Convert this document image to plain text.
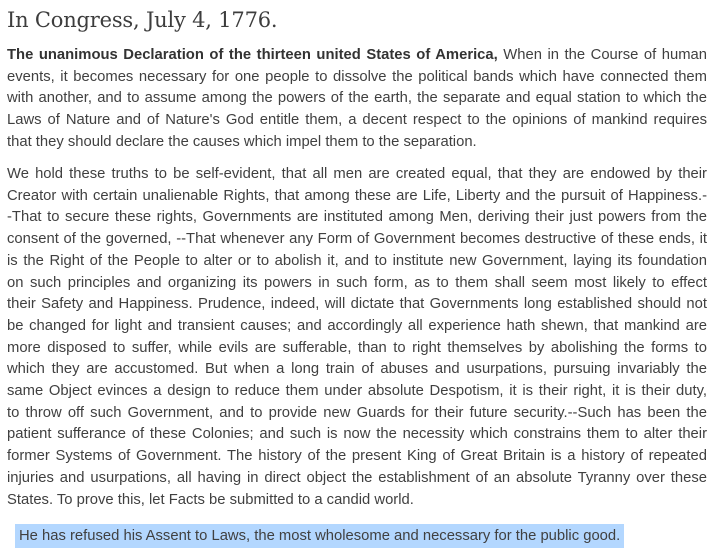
In Congress, July 4, 1776.
The unanimous Declaration of the thirteen united States of America, When in the Course of human
events, it becomes necessary for one people to dissolve the political bands which have connected them
with another, and to assume among the powers of the earth, the separate and equal station to which the
Laws of Nature and of Nature's God entitle them, a decent respect to the opinions of mankind requires
that they should declare the causes which impel them to the separation.
We hold these truths to be self-evident, that all men are created equal, that they are endowed by their
Creator with certain unalienable Rights, that among these are Life, Liberty and the pursuit of Happiness.-
-That to secure these rights, Governments are instituted among Men, deriving their just powers from the
consent of the governed, --That whenever any Form of Government becomes destructive of these ends, it
is the Right of the People to alter or to abolish it, and to institute new Government, laying its foundation
on such principles and organizing its powers in such form, as to them shall seem most likely to effect
their Safety and Happiness. Prudence, indeed, will dictate that Governments long established should not
be changed for light and transient causes; and accordingly all experience hath shewn, that mankind are
more disposed to suffer, while evils are sufferable, than to right themselves by abolishing the forms to
which they are accustomed. But when a long train of abuses and usurpations, pursuing invariably the
same Object evinces a design to reduce them under absolute Despotism, it is their right, it is their duty,
to throw off such Government, and to provide new Guards for their future security.--Such has been the
patient sufferance of these Colonies; and such is now the necessity which constrains them to alter their
former Systems of Government. The history of the present King of Great Britain is a history of repeated
injuries and usurpations, all having in direct object the establishment of an absolute Tyranny over these
States. To prove this, let Facts be submitted to a candid world.
He has refused his Assent to Laws, the most wholesome and necessary for the public good.
